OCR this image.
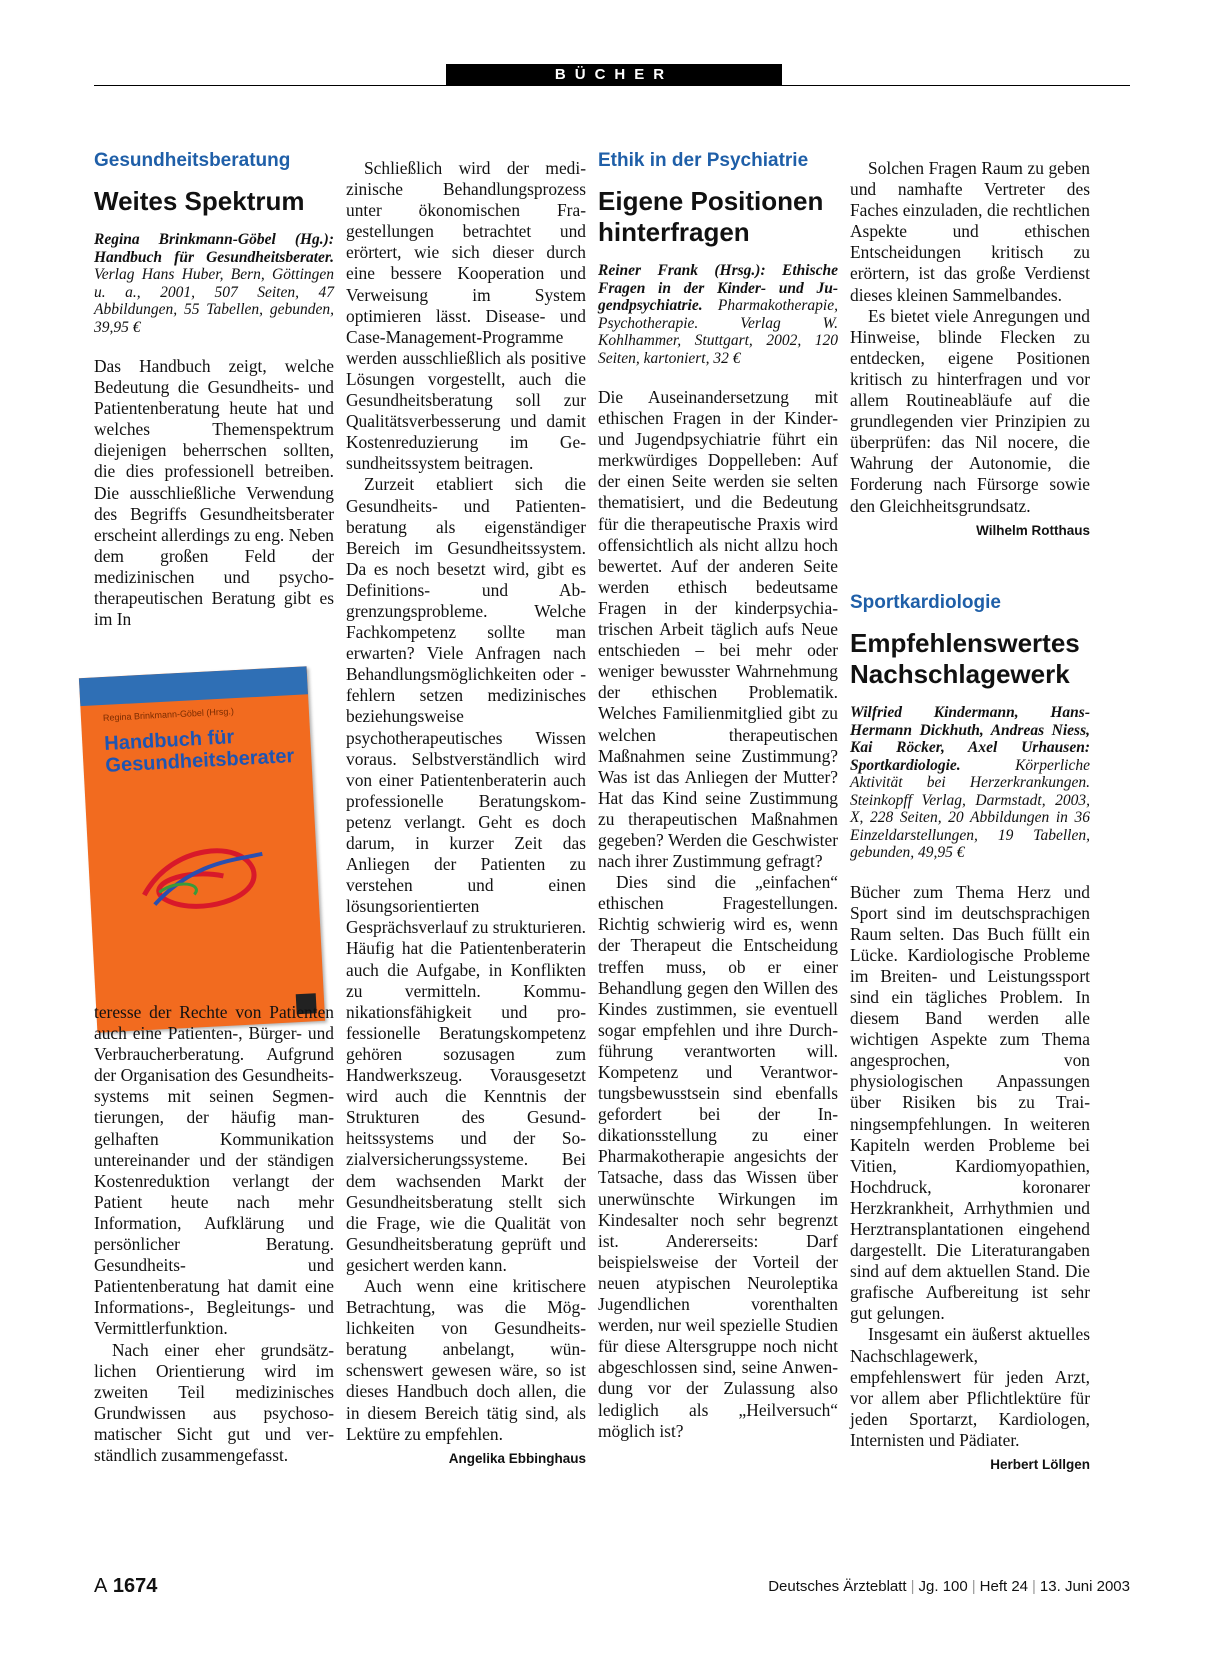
BÜCHER
Gesundheitsberatung
Weites Spektrum
Regina Brinkmann-Göbel (Hg.): Handbuch für Gesundheitsberater. Verlag Hans Huber, Bern, Göttingen u. a., 2001, 507 Seiten, 47 Abbildungen, 55 Tabellen, gebunden, 39,95 €

Das Handbuch zeigt, welche Bedeutung die Gesundheits- und Patientenberatung heute hat und welches Themenspektrum diejenigen beherrschen sollten, die dies professionell betreiben. Die ausschließliche Verwendung des Begriffs Gesundheitsberater erscheint allerdings zu eng. Neben dem großen Feld der medizinischen und psychotherapeutischen Beratung gibt es im In

Regina Brinkmann-Göbel (Hrsg.)
Handbuch für Gesundheitsberater

teresse der Rechte von Patienten auch eine Patienten-, Bürger- und Verbraucherberatung. Aufgrund der Organisation des Gesundheitssystems mit seinen Segmentierungen, der häufig mangelhaften Kommunikation untereinander und der ständigen Kostenreduktion verlangt der Patient heute nach mehr Information, Aufklärung und persönlicher Beratung. Gesundheits- und Patientenberatung hat damit eine Informations-, Begleitungs- und Vermittlerfunktion.

Nach einer eher grundsätzlichen Orientierung wird im zweiten Teil medizinisches Grundwissen aus psychosomatischer Sicht gut und verständlich zusammengefasst.

Schließlich wird der medizinische Behandlungsprozess unter ökonomischen Fragestellungen betrachtet und erörtert, wie sich dieser durch eine bessere Kooperation und Verweisung im System optimieren lässt. Disease- und Case-Management-Programme werden ausschließlich als positive Lösungen vorgestellt, auch die Gesundheitsberatung soll zur Qualitätsverbesserung und damit Kostenreduzierung im Gesundheitssystem beitragen.

Zurzeit etabliert sich die Gesundheits- und Patientenberatung als eigenständiger Bereich im Gesundheitssystem. Da es noch besetzt wird, gibt es Definitions- und Abgrenzungsprobleme. Welche Fachkompetenz sollte man erwarten? Viele Anfragen nach Behandlungsmöglichkeiten oder -fehlern setzen medizinisches beziehungsweise psychotherapeutisches Wissen voraus. Selbstverständlich wird von einer Patientenberaterin auch professionelle Beratungskompetenz verlangt. Geht es doch darum, in kurzer Zeit das Anliegen der Patienten zu verstehen und einen lösungsorientierten Gesprächsverlauf zu strukturieren. Häufig hat die Patientenberaterin auch die Aufgabe, in Konflikten zu vermitteln. Kommunikationsfähigkeit und professionelle Beratungskompetenz gehören sozusagen zum Handwerkszeug. Vorausgesetzt wird auch die Kenntnis der Strukturen des Gesundheitssystems und der Sozialversicherungssysteme. Bei dem wachsenden Markt der Gesundheitsberatung stellt sich die Frage, wie die Qualität von Gesundheitsberatung geprüft und gesichert werden kann.

Auch wenn eine kritischere Betrachtung, was die Möglichkeiten von Gesundheitsberatung anbelangt, wünschenswert gewesen wäre, so ist dieses Handbuch doch allen, die in diesem Bereich tätig sind, als Lektüre zu empfehlen.
Angelika Ebbinghaus

Ethik in der Psychiatrie
Eigene Positionen hinterfragen
Reiner Frank (Hrsg.): Ethische Fragen in der Kinder- und Jugendpsychiatrie. Pharmakotherapie, Psychotherapie. Verlag W. Kohlhammer, Stuttgart, 2002, 120 Seiten, kartoniert, 32 €

Die Auseinandersetzung mit ethischen Fragen in der Kinder- und Jugendpsychiatrie führt ein merkwürdiges Doppelleben: Auf der einen Seite werden sie selten thematisiert, und die Bedeutung für die therapeutische Praxis wird offensichtlich als nicht allzu hoch bewertet. Auf der anderen Seite werden ethisch bedeutsame Fragen in der kinderpsychiatrischen Arbeit täglich aufs Neue entschieden – bei mehr oder weniger bewusster Wahrnehmung der ethischen Problematik. Welches Familienmitglied gibt zu welchen therapeutischen Maßnahmen seine Zustimmung? Was ist das Anliegen der Mutter? Hat das Kind seine Zustimmung zu therapeutischen Maßnahmen gegeben? Werden die Geschwister nach ihrer Zustimmung gefragt?

Dies sind die „einfachen“ ethischen Fragestellungen. Richtig schwierig wird es, wenn der Therapeut die Entscheidung treffen muss, ob er einer Behandlung gegen den Willen des Kindes zustimmen, sie eventuell sogar empfehlen und ihre Durchführung verantworten will. Kompetenz und Verantwortungsbewusstsein sind ebenfalls gefordert bei der Indikationsstellung zu einer Pharmakotherapie angesichts der Tatsache, dass das Wissen über unerwünschte Wirkungen im Kindesalter noch sehr begrenzt ist. Andererseits: Darf beispielsweise der Vorteil der neuen atypischen Neuroleptika Jugendlichen vorenthalten werden, nur weil spezielle Studien für diese Altersgruppe noch nicht abgeschlossen sind, seine Anwendung vor der Zulassung also lediglich als „Heilversuch“ möglich ist?

Solchen Fragen Raum zu geben und namhafte Vertreter des Faches einzuladen, die rechtlichen Aspekte und ethischen Entscheidungen kritisch zu erörtern, ist das große Verdienst dieses kleinen Sammelbandes.

Es bietet viele Anregungen und Hinweise, blinde Flecken zu entdecken, eigene Positionen kritisch zu hinterfragen und vor allem Routineabläufe auf die grundlegenden vier Prinzipien zu überprüfen: das Nil nocere, die Wahrung der Autonomie, die Forderung nach Fürsorge sowie den Gleichheitsgrundsatz.
Wilhelm Rotthaus

Sportkardiologie
Empfehlenswertes Nachschlagewerk
Wilfried Kindermann, Hans-Hermann Dickhuth, Andreas Niess, Kai Röcker, Axel Urhausen: Sportkardiologie. Körperliche Aktivität bei Herzerkrankungen. Steinkopff Verlag, Darmstadt, 2003, X, 228 Seiten, 20 Abbildungen in 36 Einzeldarstellungen, 19 Tabellen, gebunden, 49,95 €

Bücher zum Thema Herz und Sport sind im deutschsprachigen Raum selten. Das Buch füllt ein Lücke. Kardiologische Probleme im Breiten- und Leistungssport sind ein tägliches Problem. In diesem Band werden alle wichtigen Aspekte zum Thema angesprochen, von physiologischen Anpassungen über Risiken bis zu Trainingsempfehlungen. In weiteren Kapiteln werden Probleme bei Vitien, Kardiomyopathien, Hochdruck, koronarer Herzkrankheit, Arrhythmien und Herztransplantationen eingehend dargestellt. Die Literaturangaben sind auf dem aktuellen Stand. Die grafische Aufbereitung ist sehr gut gelungen.

Insgesamt ein äußerst aktuelles Nachschlagewerk, empfehlenswert für jeden Arzt, vor allem aber Pflichtlektüre für jeden Sportarzt, Kardiologen, Internisten und Pädiater.
Herbert Löllgen

A 1674	Deutsches Ärzteblatt | Jg. 100 | Heft 24 | 13. Juni 2003
